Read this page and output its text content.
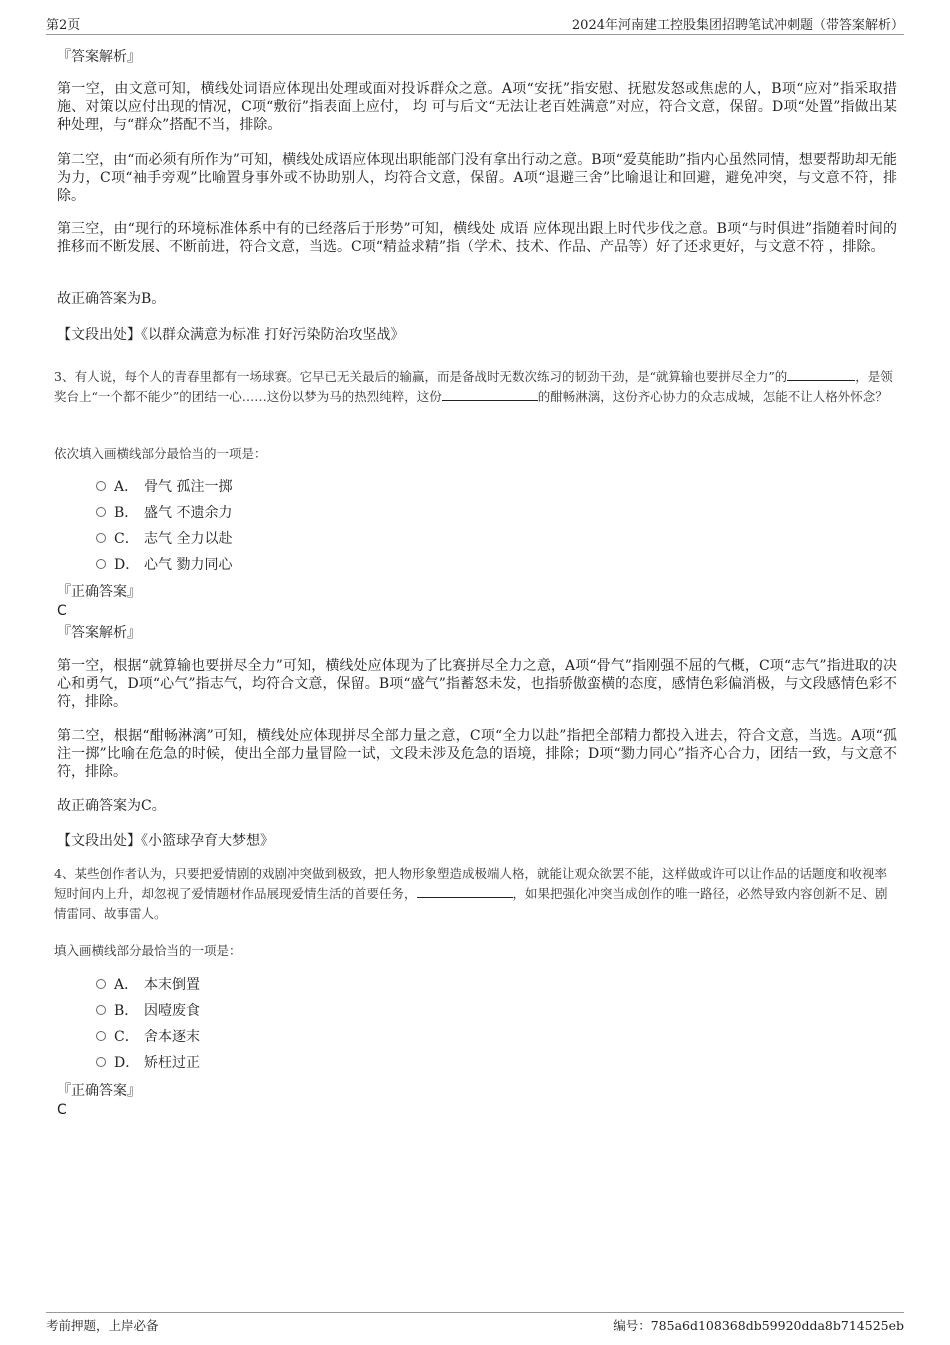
第2页	2024年河南建工控股集团招聘笔试冲刺题（带答案解析）
『答案解析』
第一空，由文意可知，横线处词语应体现出处理或面对投诉群众之意。A项“安抚”指安慰、抚慰发怒或焦虑的人，B项“应对”指采取措施、对策以应付出现的情况，C项“敷衍”指表面上应付， 均 可与后文“无法让老百姓满意”对应，符合文意，保留。D项“处置”指做出某种处理，与“群众”搭配不当，排除。
第二空，由“而必须有所作为”可知，横线处成语应体现出职能部门没有拿出行动之意。B项“爱莫能助”指内心虽然同情，想要帮助却无能为力，C项“袖手旁观”比喻置身事外或不协助别人，均符合文意，保留。A项“退避三舍”比喻退让和回避，避免冲突，与文意不符，排除。
第三空，由“现行的环境标准体系中有的已经落后于形势”可知，横线处 成语 应体现出跟上时代步伐之意。B项“与时俱进”指随着时间的推移而不断发展、不断前进，符合文意，当选。C项“精益求精”指（学术、技术、作品、产品等）好了还求更好，与文意不符 ，排除。
故正确答案为B。
【文段出处】《以群众满意为标准 打好污染防治攻坚战》
3、有人说，每个人的青春里都有一场球赛。它早已无关最后的输赢，而是备战时无数次练习的韧劲干劲，是“就算输也要拼尽全力”的	，是领奖台上“一个都不能少”的团结一心……这份以梦为马的热烈纯粹，这份	的酣畅淋漓，这份齐心协力的众志成城，怎能不让人格外怀念？
依次填入画横线部分最恰当的一项是：
A． 骨气 孤注一掷
B． 盛气 不遗余力
C． 志气 全力以赴
D． 心气 勠力同心
『正确答案』
C
『答案解析』
第一空，根据“就算输也要拼尽全力”可知，横线处应体现为了比赛拼尽全力之意，A项“骨气”指刚强不屈的气概，C项“志气”指进取的决心和勇气，D项“心气”指志气，均符合文意，保留。B项“盛气”指蓄怒未发，也指骄傲蛮横的态度，感情色彩偏消极，与文段感情色彩不符，排除。
第二空，根据“酣畅淋漓”可知，横线处应体现拼尽全部力量之意，C项“全力以赴”指把全部精力都投入进去，符合文意，当选。A项“孤注一掷”比喻在危急的时候，使出全部力量冒险一试，文段未涉及危急的语境，排除；D项“勠力同心”指齐心合力，团结一致，与文意不符，排除。
故正确答案为C。
【文段出处】《小篮球孕育大梦想》
4、某些创作者认为，只要把爱情剧的戏剧冲突做到极致，把人物形象塑造成极端人格，就能让观众欲罢不能，这样做或许可以让作品的话题度和收视率短时间内上升，却忽视了爱情题材作品展现爱情生活的首要任务，	，如果把强化冲突当成创作的唯一路径，必然导致内容创新不足、剧情雷同、故事雷人。
填入画横线部分最恰当的一项是：
A． 本末倒置
B． 因噎废食
C． 舍本逐末
D． 矫枉过正
『正确答案』
C
考前押题，上岸必备	编号：785a6d108368db59920dda8b714525eb
